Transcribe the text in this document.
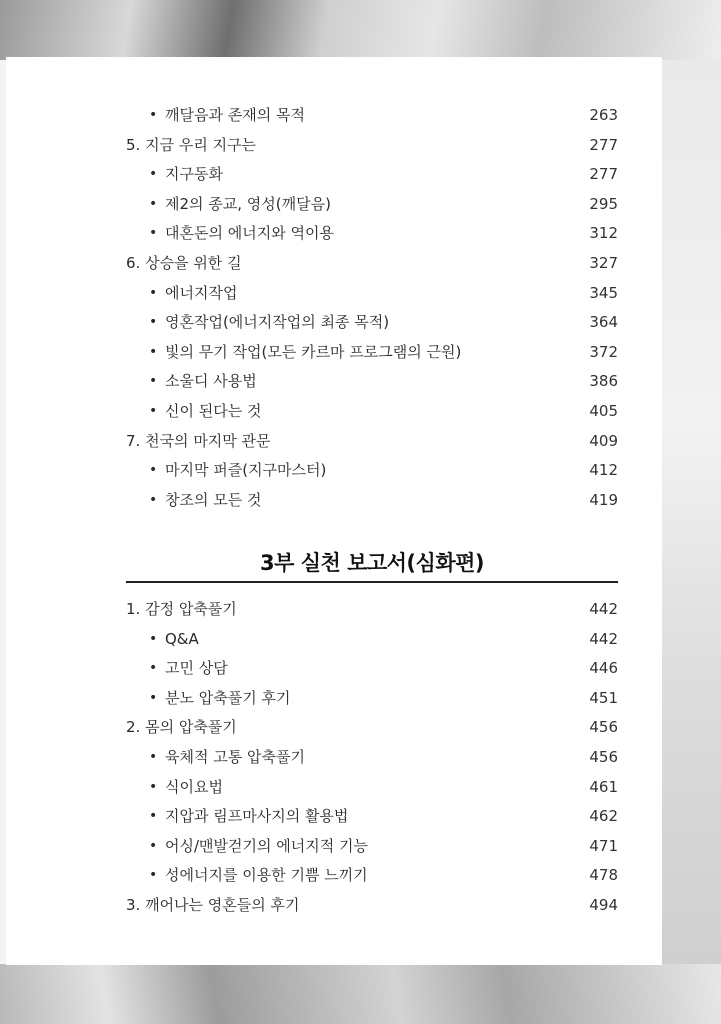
3부 실천 보고서(심화편)
• 깨달음과 존재의 목적	263
5. 지금 우리 지구는	277
• 지구동화	277
• 제2의 종교, 영성(깨달음)	295
• 대혼돈의 에너지와 역이용	312
6. 상승을 위한 길	327
• 에너지작업	345
• 영혼작업(에너지작업의 최종 목적)	364
• 빛의 무기 작업(모든 카르마 프로그램의 근원)	372
• 소울디 사용법	386
• 신이 된다는 것	405
7. 천국의 마지막 관문	409
• 마지막 퍼즐(지구마스터)	412
• 창조의 모든 것	419
1. 감정 압축풀기	442
• Q&A	442
• 고민 상담	446
• 분노 압축풀기 후기	451
2. 몸의 압축풀기	456
• 육체적 고통 압축풀기	456
• 식이요법	461
• 지압과 림프마사지의 활용법	462
• 어싱/맨발걷기의 에너지적 기능	471
• 성에너지를 이용한 기쁨 느끼기	478
3. 깨어나는 영혼들의 후기	494
